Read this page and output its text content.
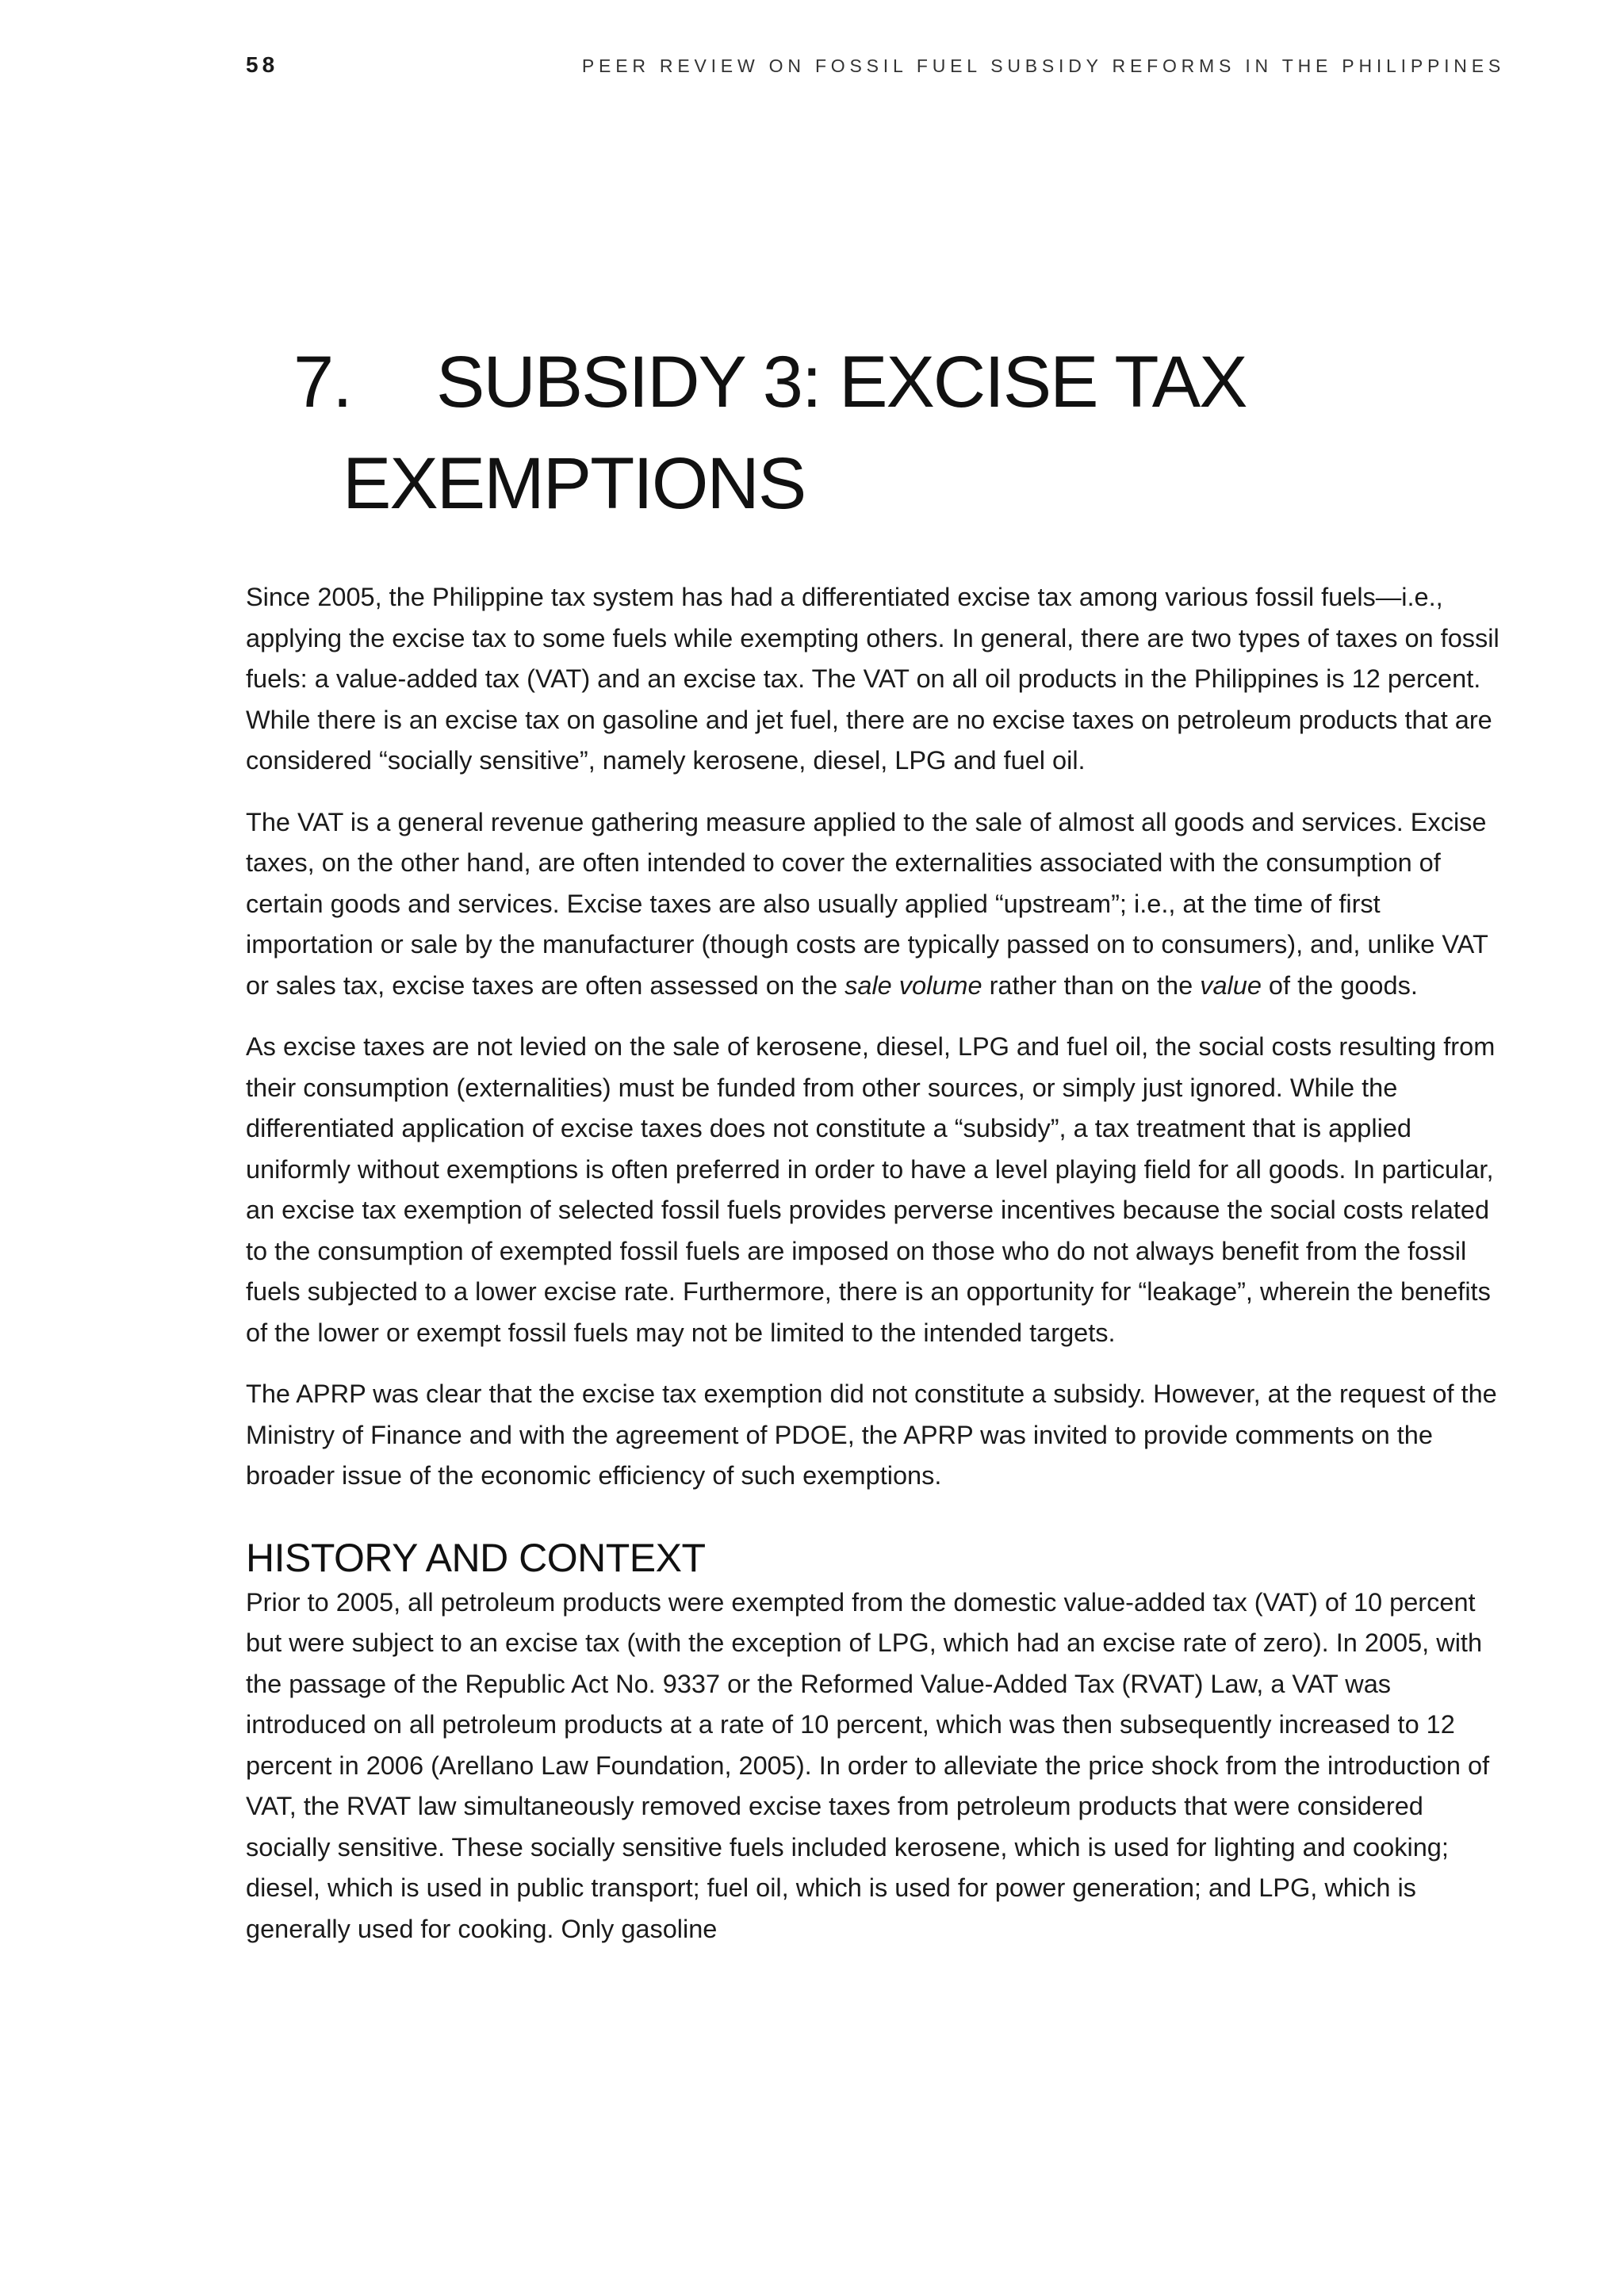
58	PEER REVIEW ON FOSSIL FUEL SUBSIDY REFORMS IN THE PHILIPPINES
7. SUBSIDY 3: EXCISE TAX
EXEMPTIONS

Since 2005, the Philippine tax system has had a differentiated excise tax among various fossil fuels—i.e., applying the excise tax to some fuels while exempting others. In general, there are two types of taxes on fossil fuels: a value-added tax (VAT) and an excise tax. The VAT on all oil products in the Philippines is 12 percent. While there is an excise tax on gasoline and jet fuel, there are no excise taxes on petroleum products that are considered “socially sensitive”, namely kerosene, diesel, LPG and fuel oil.

The VAT is a general revenue gathering measure applied to the sale of almost all goods and services. Excise taxes, on the other hand, are often intended to cover the externalities associated with the consumption of certain goods and services. Excise taxes are also usually applied “upstream”; i.e., at the time of first importation or sale by the manufacturer (though costs are typically passed on to consumers), and, unlike VAT or sales tax, excise taxes are often assessed on the sale volume rather than on the value of the goods.

As excise taxes are not levied on the sale of kerosene, diesel, LPG and fuel oil, the social costs resulting from their consumption (externalities) must be funded from other sources, or simply just ignored. While the differentiated application of excise taxes does not constitute a “subsidy”, a tax treatment that is applied uniformly without exemptions is often preferred in order to have a level playing field for all goods. In particular, an excise tax exemption of selected fossil fuels provides perverse incentives because the social costs related to the consumption of exempted fossil fuels are imposed on those who do not always benefit from the fossil fuels subjected to a lower excise rate. Furthermore, there is an opportunity for “leakage”, wherein the benefits of the lower or exempt fossil fuels may not be limited to the intended targets.

The APRP was clear that the excise tax exemption did not constitute a subsidy. However, at the request of the Ministry of Finance and with the agreement of PDOE, the APRP was invited to provide comments on the broader issue of the economic efficiency of such exemptions.

HISTORY AND CONTEXT

Prior to 2005, all petroleum products were exempted from the domestic value-added tax (VAT) of 10 percent but were subject to an excise tax (with the exception of LPG, which had an excise rate of zero). In 2005, with the passage of the Republic Act No. 9337 or the Reformed Value-Added Tax (RVAT) Law, a VAT was introduced on all petroleum products at a rate of 10 percent, which was then subsequently increased to 12 percent in 2006 (Arellano Law Foundation, 2005). In order to alleviate the price shock from the introduction of VAT, the RVAT law simultaneously removed excise taxes from petroleum products that were considered socially sensitive. These socially sensitive fuels included kerosene, which is used for lighting and cooking; diesel, which is used in public transport; fuel oil, which is used for power generation; and LPG, which is generally used for cooking. Only gasoline
